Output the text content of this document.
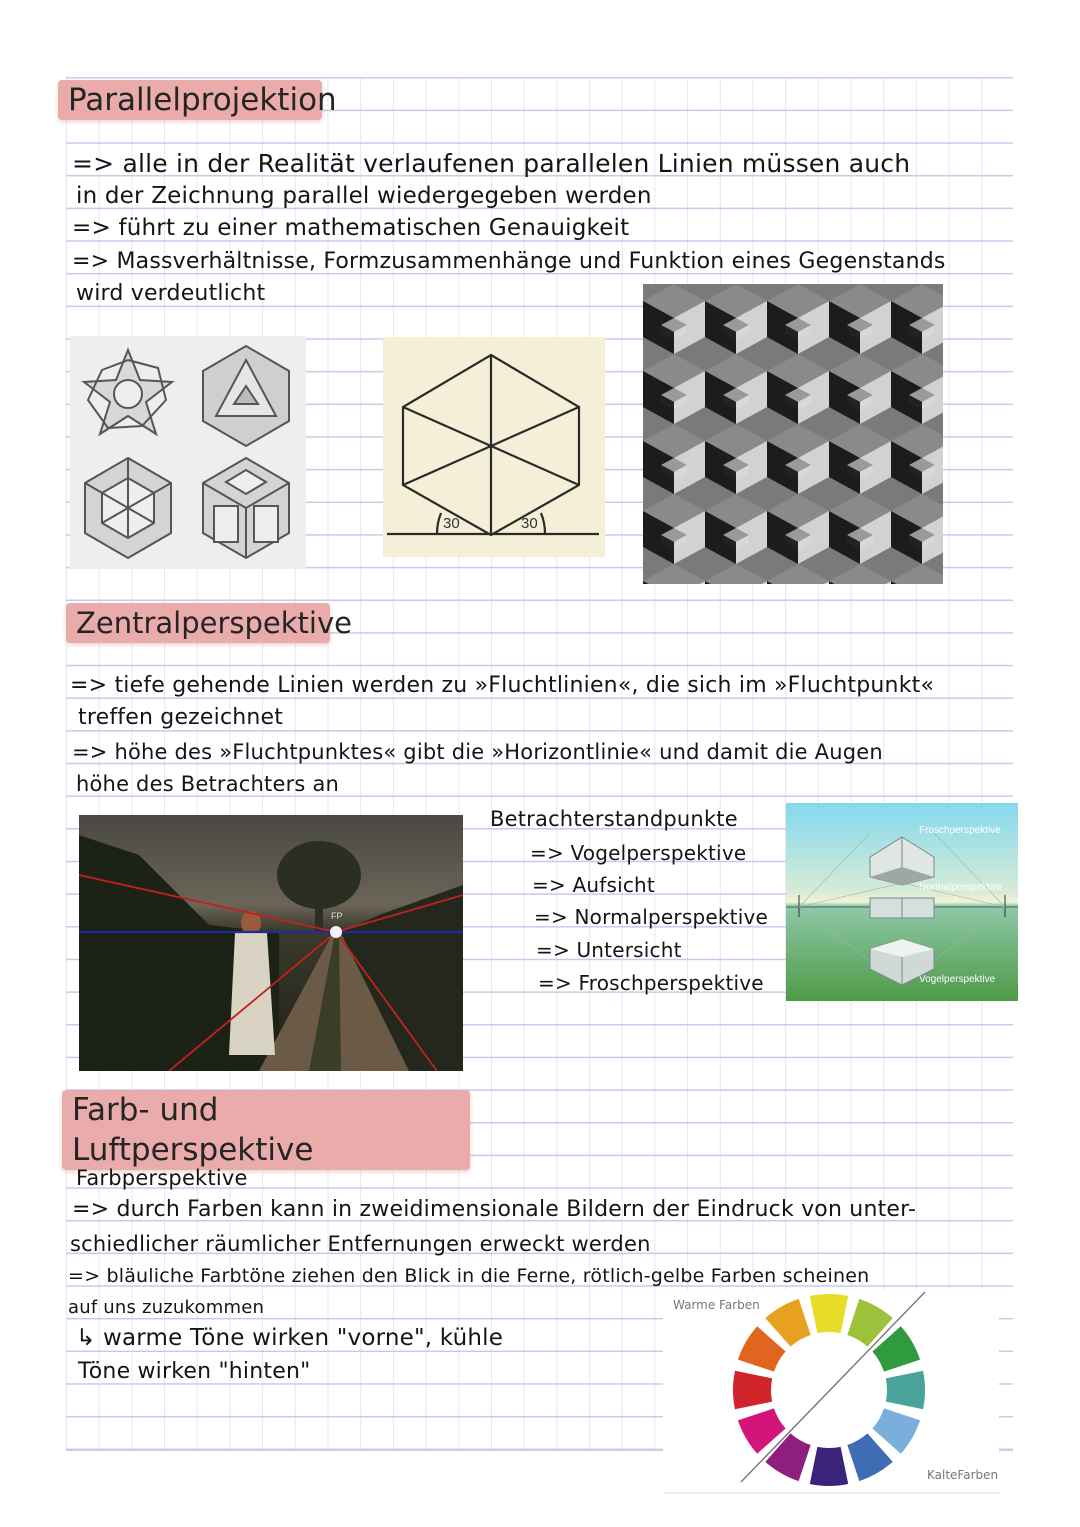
Parallelprojektion
=> alle in der Realität verlaufenen parallelen Linien müssen auch
in der Zeichnung parallel wiedergegeben werden
=> führt zu einer mathematischen Genauigkeit
=> Massverhältnisse, Formzusammenhänge und Funktion eines Gegenstands
wird verdeutlicht
30	30
Zentralperspektive
=> tiefe gehende Linien werden zu »Fluchtlinien«, die sich im »Fluchtpunkt«
treffen gezeichnet
=> höhe des »Fluchtpunktes« gibt die »Horizontlinie« und damit die Augen
höhe des Betrachters an
FP
Betrachterstandpunkte
=> Vogelperspektive
=> Aufsicht
=> Normalperspektive
=> Untersicht
=> Froschperspektive
Froschperspektive
Normalperspektive
Vogelperspektive
Farb- und Luftperspektive
Farbperspektive
=> durch Farben kann in zweidimensionale Bildern der Eindruck von unter-
schiedlicher räumlicher Entfernungen erweckt werden
=> bläuliche Farbtöne ziehen den Blick in die Ferne, rötlich-gelbe Farben scheinen
auf uns zuzukommen
↳ warme Töne wirken "vorne", kühle
Töne wirken "hinten"
Warme Farben
KalteFarben
